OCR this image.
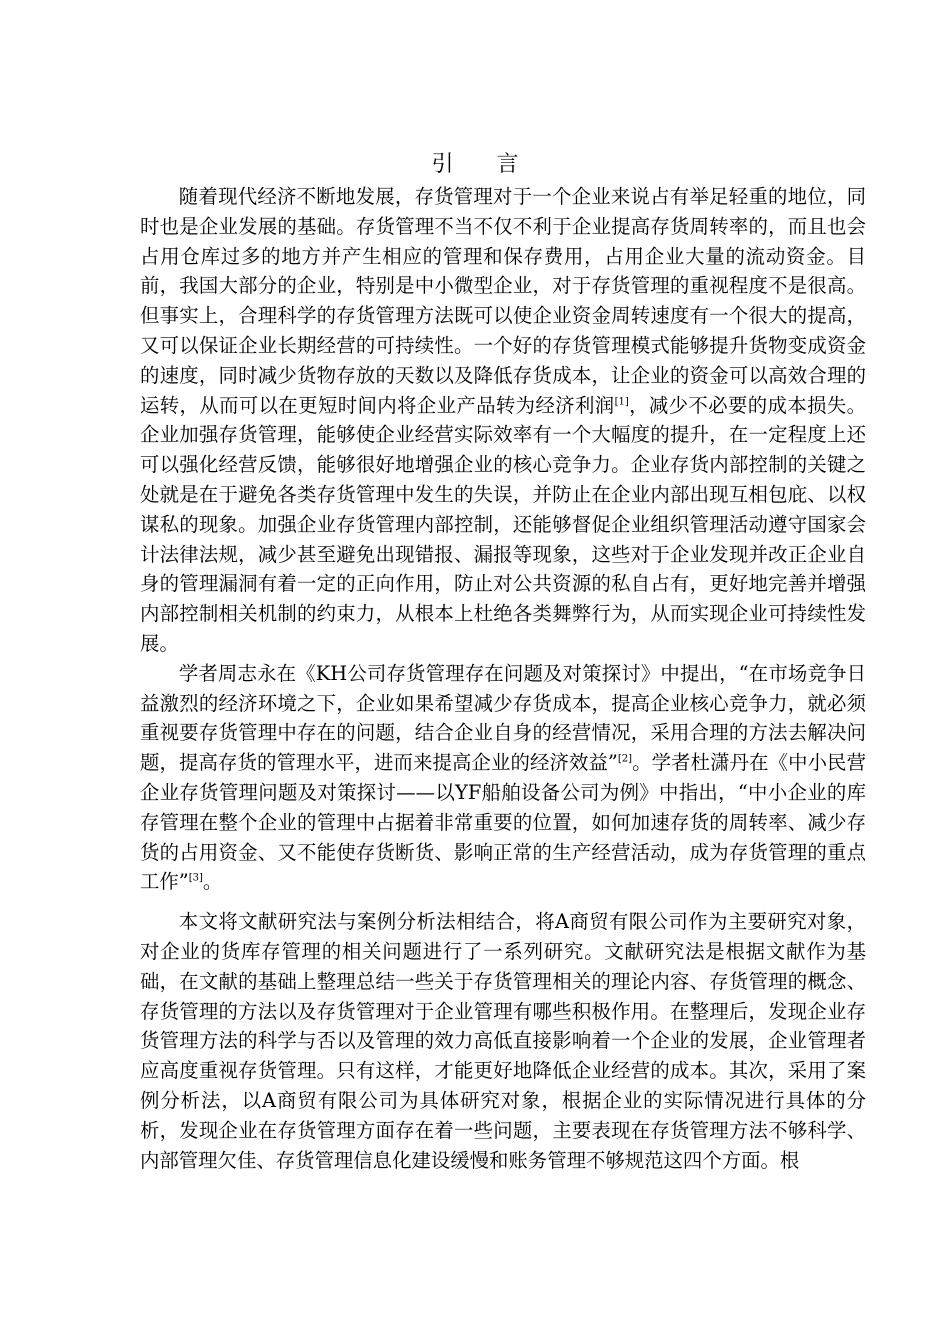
引 言

随着现代经济不断地发展，存货管理对于一个企业来说占有举足轻重的地位，同时也是企业发展的基础。存货管理不当不仅不利于企业提高存货周转率的，而且也会占用仓库过多的地方并产生相应的管理和保存费用，占用企业大量的流动资金。目前，我国大部分的企业，特别是中小微型企业，对于存货管理的重视程度不是很高。但事实上，合理科学的存货管理方法既可以使企业资金周转速度有一个很大的提高，又可以保证企业长期经营的可持续性。一个好的存货管理模式能够提升货物变成资金的速度，同时减少货物存放的天数以及降低存货成本，让企业的资金可以高效合理的运转，从而可以在更短时间内将企业产品转为经济利润[1]，减少不必要的成本损失。企业加强存货管理，能够使企业经营实际效率有一个大幅度的提升，在一定程度上还可以强化经营反馈，能够很好地增强企业的核心竞争力。企业存货内部控制的关键之处就是在于避免各类存货管理中发生的失误，并防止在企业内部出现互相包庇、以权谋私的现象。加强企业存货管理内部控制，还能够督促企业组织管理活动遵守国家会计法律法规，减少甚至避免出现错报、漏报等现象，这些对于企业发现并改正企业自身的管理漏洞有着一定的正向作用，防止对公共资源的私自占有，更好地完善并增强内部控制相关机制的约束力，从根本上杜绝各类舞弊行为，从而实现企业可持续性发展。

学者周志永在《KH公司存货管理存在问题及对策探讨》中提出，“在市场竞争日益激烈的经济环境之下，企业如果希望减少存货成本，提高企业核心竞争力，就必须重视要存货管理中存在的问题，结合企业自身的经营情况，采用合理的方法去解决问题，提高存货的管理水平，进而来提高企业的经济效益”[2]。学者杜潇丹在《中小民营企业存货管理问题及对策探讨——以YF船舶设备公司为例》中指出，“中小企业的库存管理在整个企业的管理中占据着非常重要的位置，如何加速存货的周转率、减少存货的占用资金、又不能使存货断货、影响正常的生产经营活动，成为存货管理的重点工作”[3]。

本文将文献研究法与案例分析法相结合，将A商贸有限公司作为主要研究对象，对企业的货库存管理的相关问题进行了一系列研究。文献研究法是根据文献作为基础，在文献的基础上整理总结一些关于存货管理相关的理论内容、存货管理的概念、存货管理的方法以及存货管理对于企业管理有哪些积极作用。在整理后，发现企业存货管理方法的科学与否以及管理的效力高低直接影响着一个企业的发展，企业管理者应高度重视存货管理。只有这样，才能更好地降低企业经营的成本。其次，采用了案例分析法，以A商贸有限公司为具体研究对象，根据企业的实际情况进行具体的分析，发现企业在存货管理方面存在着一些问题，主要表现在存货管理方法不够科学、内部管理欠佳、存货管理信息化建设缓慢和账务管理不够规范这四个方面。根
